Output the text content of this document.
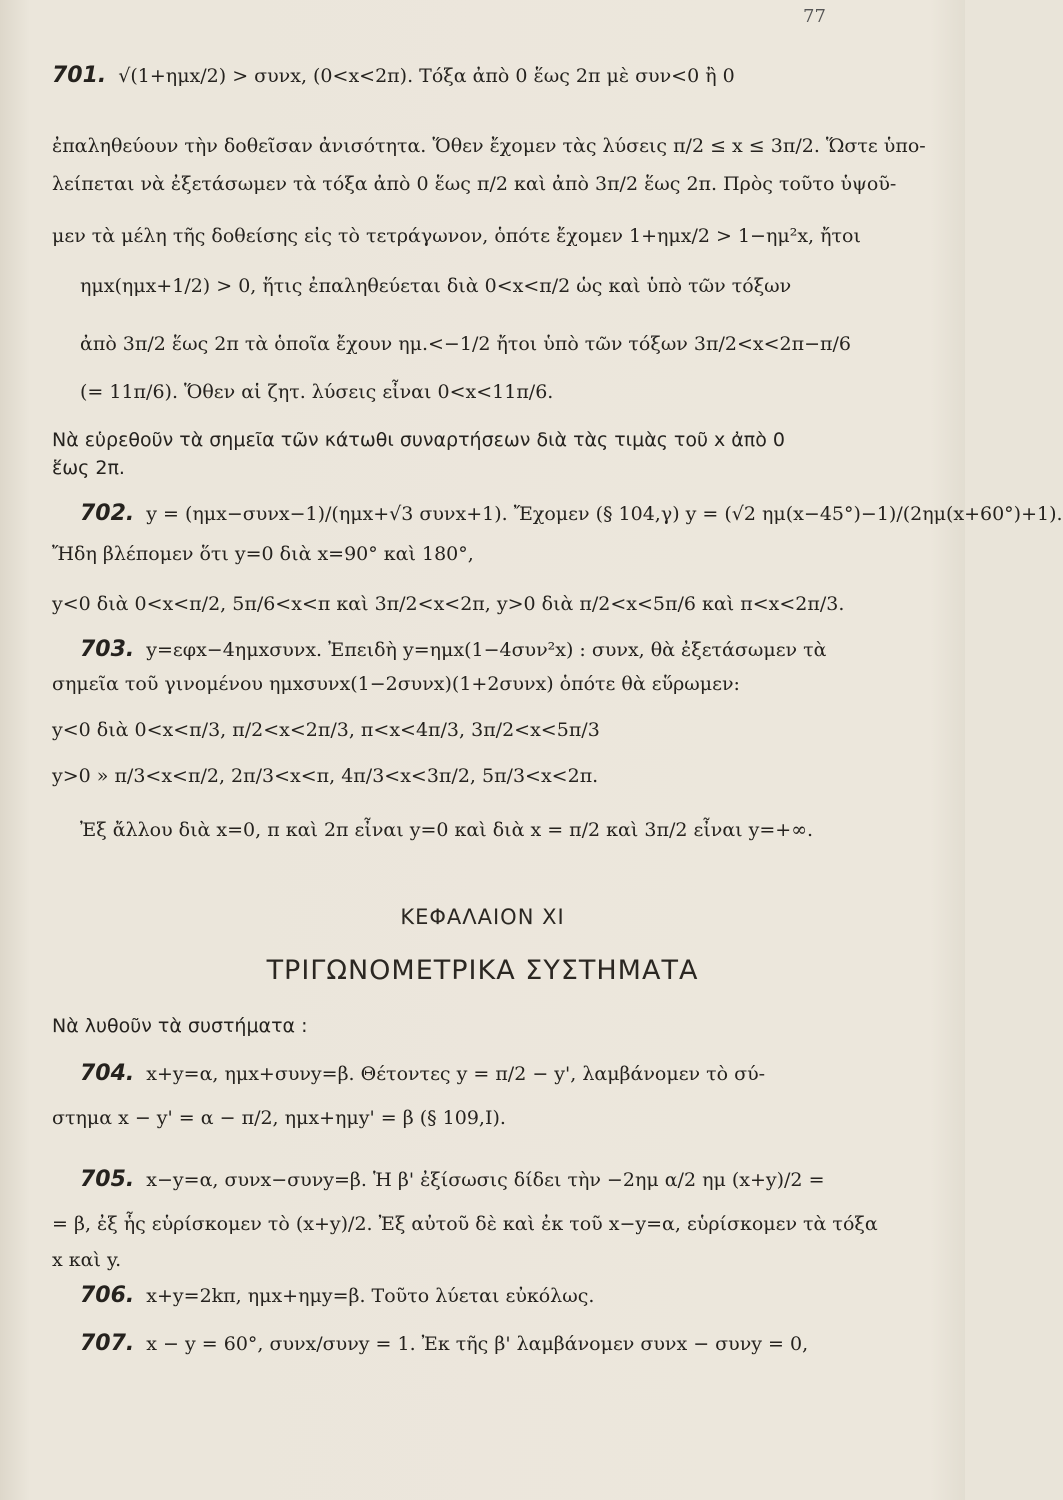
77
701. √(1+ημx/2) > συνx, (0<x<2π). Τόξα ἀπὸ 0 ἕως 2π μὲ συν<0 ἢ 0
ἐπαληθεύουν τὴν δοθεῖσαν ἀνισότητα. Ὅθεν ἔχομεν τὰς λύσεις π/2 ≤ x ≤ 3π/2. Ὥστε ὑπο-
λείπεται νὰ ἐξετάσωμεν τὰ τόξα ἀπὸ 0 ἕως π/2 καὶ ἀπὸ 3π/2 ἕως 2π. Πρὸς τοῦτο ὑψοῦ-
μεν τὰ μέλη τῆς δοθείσης εἰς τὸ τετράγωνον, ὁπότε ἔχομεν 1+ημx/2 > 1−ημ²x, ἤτοι
ημx(ημx+1/2) > 0, ἥτις ἐπαληθεύεται διὰ 0<x<π/2 ὡς καὶ ὑπὸ τῶν τόξων
ἀπὸ 3π/2 ἕως 2π τὰ ὁποῖα ἔχουν ημ.<−1/2 ἤτοι ὑπὸ τῶν τόξων 3π/2<x<2π−π/6
(= 11π/6). Ὅθεν αἱ ζητ. λύσεις εἶναι 0<x<11π/6.
Νὰ εὑρεθοῦν τὰ σημεῖα τῶν κάτωθι συναρτήσεων διὰ τὰς τιμὰς τοῦ x ἀπὸ 0
ἕως 2π.
702. y = (ημx−συνx−1)/(ημx+√3 συνx+1). Ἔχομεν (§ 104,γ) y = (√2 ημ(x−45°)−1)/(2ημ(x+60°)+1).
Ἤδη βλέπομεν ὅτι y=0 διὰ x=90° καὶ 180°,
y<0 διὰ 0<x<π/2, 5π/6<x<π καὶ 3π/2<x<2π, y>0 διὰ π/2<x<5π/6 καὶ π<x<2π/3.
703. y=εφx−4ημxσυνx. Ἐπειδὴ y=ημx(1−4συν²x) : συνx, θὰ ἐξετάσωμεν τὰ
σημεῖα τοῦ γινομένου ημxσυνx(1−2συνx)(1+2συνx) ὁπότε θὰ εὕρωμεν:
y<0 διὰ 0<x<π/3, π/2<x<2π/3, π<x<4π/3, 3π/2<x<5π/3
y>0 » π/3<x<π/2, 2π/3<x<π, 4π/3<x<3π/2, 5π/3<x<2π.
Ἐξ ἄλλου διὰ x=0, π καὶ 2π εἶναι y=0 καὶ διὰ x = π/2 καὶ 3π/2 εἶναι y=+∞.
ΚΕΦΑΛΑΙΟΝ XI
ΤΡΙΓΩΝΟΜΕΤΡΙΚΑ ΣΥΣΤΗΜΑΤΑ
Νὰ λυθοῦν τὰ συστήματα :
704. x+y=α, ημx+συνy=β. Θέτοντες y = π/2 − y', λαμβάνομεν τὸ σύ-
στημα x − y' = α − π/2, ημx+ημy' = β (§ 109,I).
705. x−y=α, συνx−συνy=β. Ἡ β' ἐξίσωσις δίδει τὴν −2ημ α/2 ημ (x+y)/2 =
= β, ἐξ ἧς εὑρίσκομεν τὸ (x+y)/2. Ἐξ αὐτοῦ δὲ καὶ ἐκ τοῦ x−y=α, εὑρίσκομεν τὰ τόξα
x καὶ y.
706. x+y=2kπ, ημx+ημy=β. Τοῦτο λύεται εὐκόλως.
707. x − y = 60°, συνx/συνy = 1. Ἐκ τῆς β' λαμβάνομεν συνx − συνy = 0,
